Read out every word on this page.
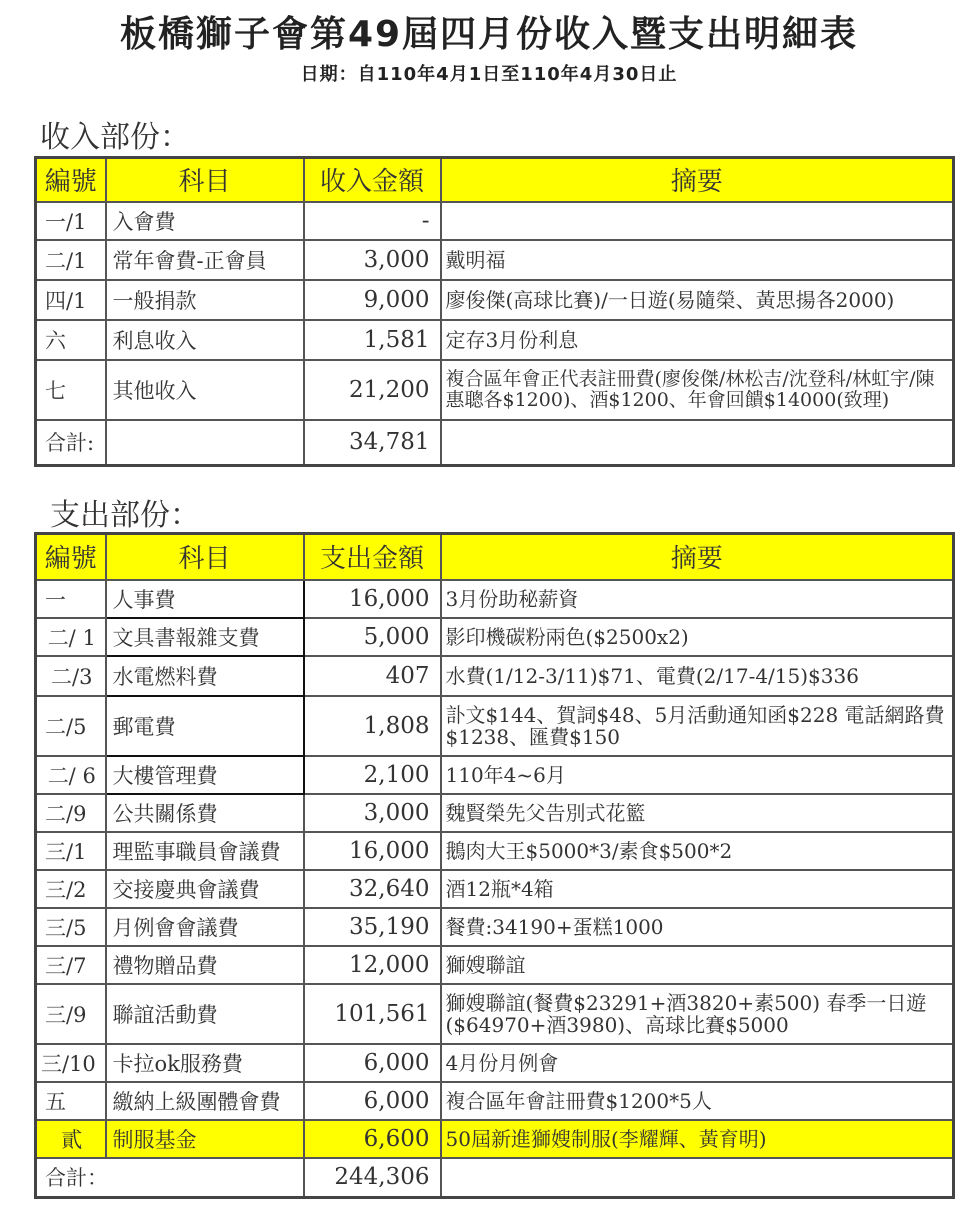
板橋獅子會第49屆四月份收入暨支出明細表
日期：自110年4月1日至110年4月30日止
收入部份：
編號	科目	收入金額	摘要
一/1	入會費	-	
二/1	常年會費-正會員	3,000	戴明福
四/1	一般捐款	9,000	廖俊傑(高球比賽)/一日遊(易隨榮、黃思揚各2000)
六	利息收入	1,581	定存3月份利息
七	其他收入	21,200	複合區年會正代表註冊費(廖俊傑/林松吉/沈登科/林虹宇/陳惠聰各$1200)、酒$1200、年會回饋$14000(致理)
合計:		34,781	
支出部份：
編號	科目	支出金額	摘要
一	人事費	16,000	3月份助秘薪資
二/ 1	文具書報雜支費	5,000	影印機碳粉兩色($2500x2)
二/3	水電燃料費	407	水費(1/12-3/11)$71、電費(2/17-4/15)$336
二/5	郵電費	1,808	訃文$144、賀詞$48、5月活動通知函$228 電話網路費$1238、匯費$150
二/ 6	大樓管理費	2,100	110年4~6月
二/9	公共關係費	3,000	魏賢榮先父告別式花籃
三/1	理監事職員會議費	16,000	鵝肉大王$5000*3/素食$500*2
三/2	交接慶典會議費	32,640	酒12瓶*4箱
三/5	月例會會議費	35,190	餐費:34190+蛋糕1000
三/7	禮物贈品費	12,000	獅嫂聯誼
三/9	聯誼活動費	101,561	獅嫂聯誼(餐費$23291+酒3820+素500) 春季一日遊($64970+酒3980)、高球比賽$5000
三/10	卡拉ok服務費	6,000	4月份月例會
五	繳納上級團體會費	6,000	複合區年會註冊費$1200*5人
貳	制服基金	6,600	50屆新進獅嫂制服(李耀輝、黃育明)
合計：		244,306	
